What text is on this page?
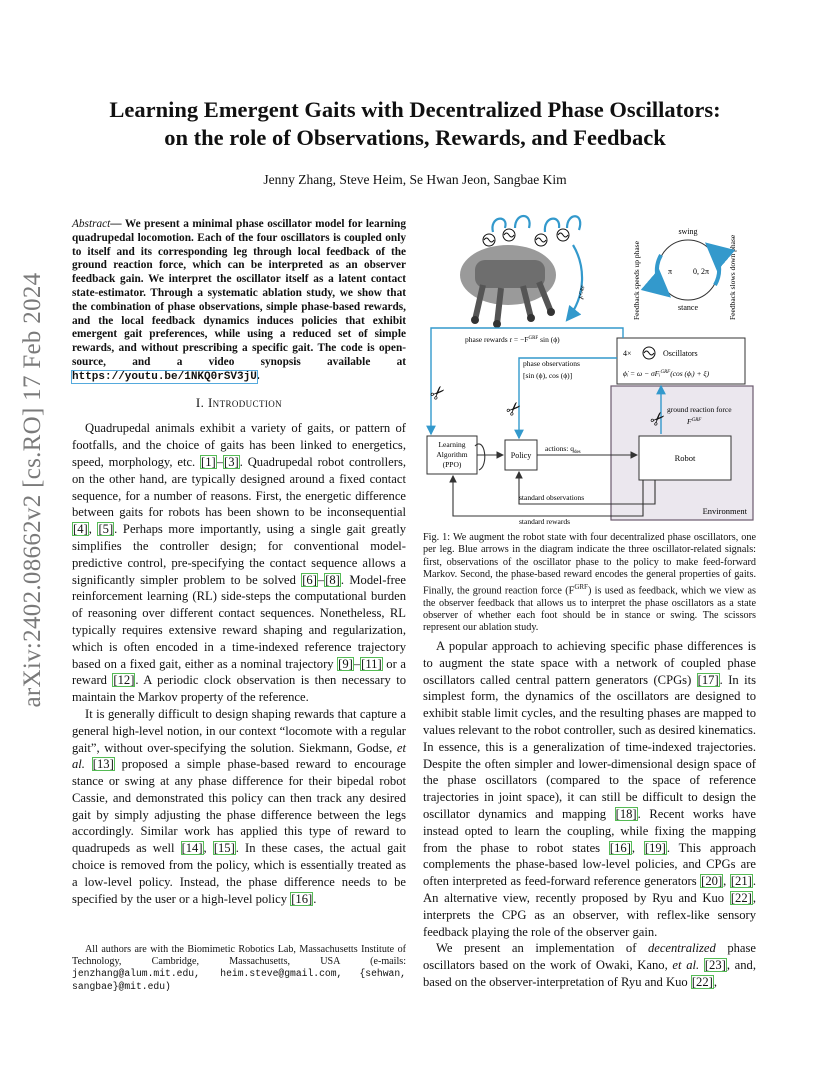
arXiv:2402.08662v2 [cs.RO] 17 Feb 2024
Learning Emergent Gaits with Decentralized Phase Oscillators:
on the role of Observations, Rewards, and Feedback
Jenny Zhang, Steve Heim, Se Hwan Jeon, Sangbae Kim
Abstract— We present a minimal phase oscillator model for learning quadrupedal locomotion. Each of the four oscillators is coupled only to itself and its corresponding leg through local feedback of the ground reaction force, which can be interpreted as an observer feedback gain. We interpret the oscillator itself as a latent contact state-estimator. Through a systematic ablation study, we show that the combination of phase observations, simple phase-based rewards, and the local feedback dynamics induces policies that exhibit emergent gait preferences, while using a reduced set of simple rewards, and without prescribing a specific gait. The code is open-source, and a video synopsis available at https://youtu.be/1NKQ0rSV3jU.
I. Introduction

Quadrupedal animals exhibit a variety of gaits, or pattern of footfalls, and the choice of gaits has been linked to energetics, speed, morphology, etc. [1]–[3]. Quadrupedal robot controllers, on the other hand, are typically designed around a fixed contact sequence, for a number of reasons. First, the energetic difference between gaits for robots has been shown to be inconsequential [4], [5]. Perhaps more importantly, using a single gait greatly simplifies the controller design; for conventional model-predictive control, pre-specifying the contact sequence allows a significantly simpler problem to be solved [6]–[8]. Model-free reinforcement learning (RL) side-steps the computational burden of reasoning over different contact sequences. Nonetheless, RL typically requires extensive reward shaping and regularization, which is often encoded in a time-indexed reference trajectory based on a fixed gait, either as a nominal trajectory [9]–[11] or a reward [12]. A periodic clock observation is then necessary to maintain the Markov property of the reference.

It is generally difficult to design shaping rewards that capture a general high-level notion, in our context “locomote with a regular gait”, without over-specifying the solution. Siekmann, Godse, et al. [13] proposed a simple phase-based reward to encourage stance or swing at any phase difference for their bipedal robot Cassie, and demonstrated this policy can then track any desired gait by simply adjusting the phase difference between the legs accordingly. Similar work has applied this type of reward to quadrupeds as well [14], [15]. In these cases, the actual gait choice is removed from the policy, which is essentially treated as a low-level policy. Instead, the phase difference needs to be specified by the user or a high-level policy [16].

All authors are with the Biomimetic Robotics Lab, Massachusetts Institute of Technology, Cambridge, Massachusetts, USA (e-mails: jenzhang@alum.mit.edu, heim.steve@gmail.com, {sehwan, sangbae}@mit.edu)
$F^{GRF}$	Feedback speeds up phase	Feedback slows down phase
swing
stance
π	0, 2π
Environment
4×	Oscillators
ϕ̇ᵢ = ω − σFᵢ$^{GRF}$(cos (ϕᵢ) + ξ)
Robot
Policy
Learning
Algorithm
(PPO)
phase rewards $r = -F^{GRF}$ sin (ϕ)
phase observations
[sin (ϕ), cos (ϕ)]
ground reaction force
$F^{GRF}$
actions: $q_{des}$
standard observations
standard rewards
✂
✂	✂
Fig. 1: We augment the robot state with four decentralized phase oscillators, one per leg. Blue arrows in the diagram indicate the three oscillator-related signals: first, observations of the oscillator phase to the policy to make feed-forward Markov. Second, the phase-based reward encodes the general properties of gaits. Finally, the ground reaction force $(F^{GRF})$ is used as feedback, which we view as the observer feedback that allows us to interpret the phase oscillators as a state observer of whether each foot should be in stance or swing. The scissors represent our ablation study.

A popular approach to achieving specific phase differences is to augment the state space with a network of coupled phase oscillators called central pattern generators (CPGs) [17]. In its simplest form, the dynamics of the oscillators are designed to exhibit stable limit cycles, and the resulting phases are mapped to values relevant to the robot controller, such as desired kinematics. In essence, this is a generalization of time-indexed trajectories. Despite the often simpler and lower-dimensional design space of the phase oscillators (compared to the space of reference trajectories in joint space), it can still be difficult to design the oscillator dynamics and mapping [18]. Recent works have instead opted to learn the coupling, while fixing the mapping from the phase to robot states [16], [19]. This approach complements the phase-based low-level policies, and CPGs are often interpreted as feed-forward reference generators [20], [21]. An alternative view, recently proposed by Ryu and Kuo [22], interprets the CPG as an observer, with reflex-like sensory feedback playing the role of the observer gain.

We present an implementation of decentralized phase oscillators based on the work of Owaki, Kano, et al. [23], and, based on the observer-interpretation of Ryu and Kuo [22],
